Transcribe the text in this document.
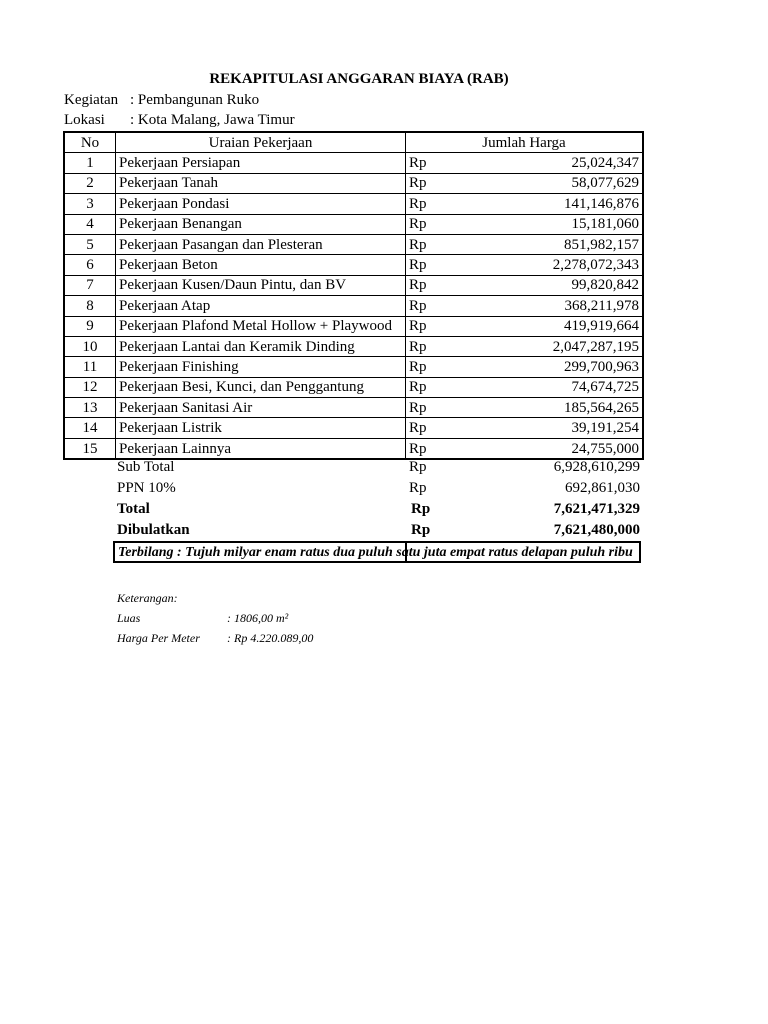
REKAPITULASI ANGGARAN BIAYA (RAB)
Kegiatan : Pembangunan Ruko
Lokasi : Kota Malang, Jawa Timur
No	Uraian Pekerjaan	Jumlah Harga	
1	Pekerjaan Persiapan	Rp	25,024,347
2	Pekerjaan Tanah	Rp	58,077,629
3	Pekerjaan Pondasi	Rp	141,146,876
4	Pekerjaan Benangan	Rp	15,181,060
5	Pekerjaan Pasangan dan Plesteran	Rp	851,982,157
6	Pekerjaan Beton	Rp	2,278,072,343
7	Pekerjaan Kusen/Daun Pintu, dan BV	Rp	99,820,842
8	Pekerjaan Atap	Rp	368,211,978
9	Pekerjaan Plafond Metal Hollow + Playwood	Rp	419,919,664
10	Pekerjaan Lantai dan Keramik Dinding	Rp	2,047,287,195
11	Pekerjaan Finishing	Rp	299,700,963
12	Pekerjaan Besi, Kunci, dan Penggantung	Rp	74,674,725
13	Pekerjaan Sanitasi Air	Rp	185,564,265
14	Pekerjaan Listrik	Rp	39,191,254
15	Pekerjaan Lainnya	Rp	24,755,000
Sub Total	Rp	6,928,610,299
PPN 10%	Rp	692,861,030
Total	Rp	7,621,471,329
Dibulatkan	Rp	7,621,480,000
Terbilang : Tujuh milyar enam ratus dua puluh satu juta empat ratus delapan puluh ribu
Keterangan:
Luas	: 1806,00 m²
Harga Per Meter : Rp 4.220.089,00
